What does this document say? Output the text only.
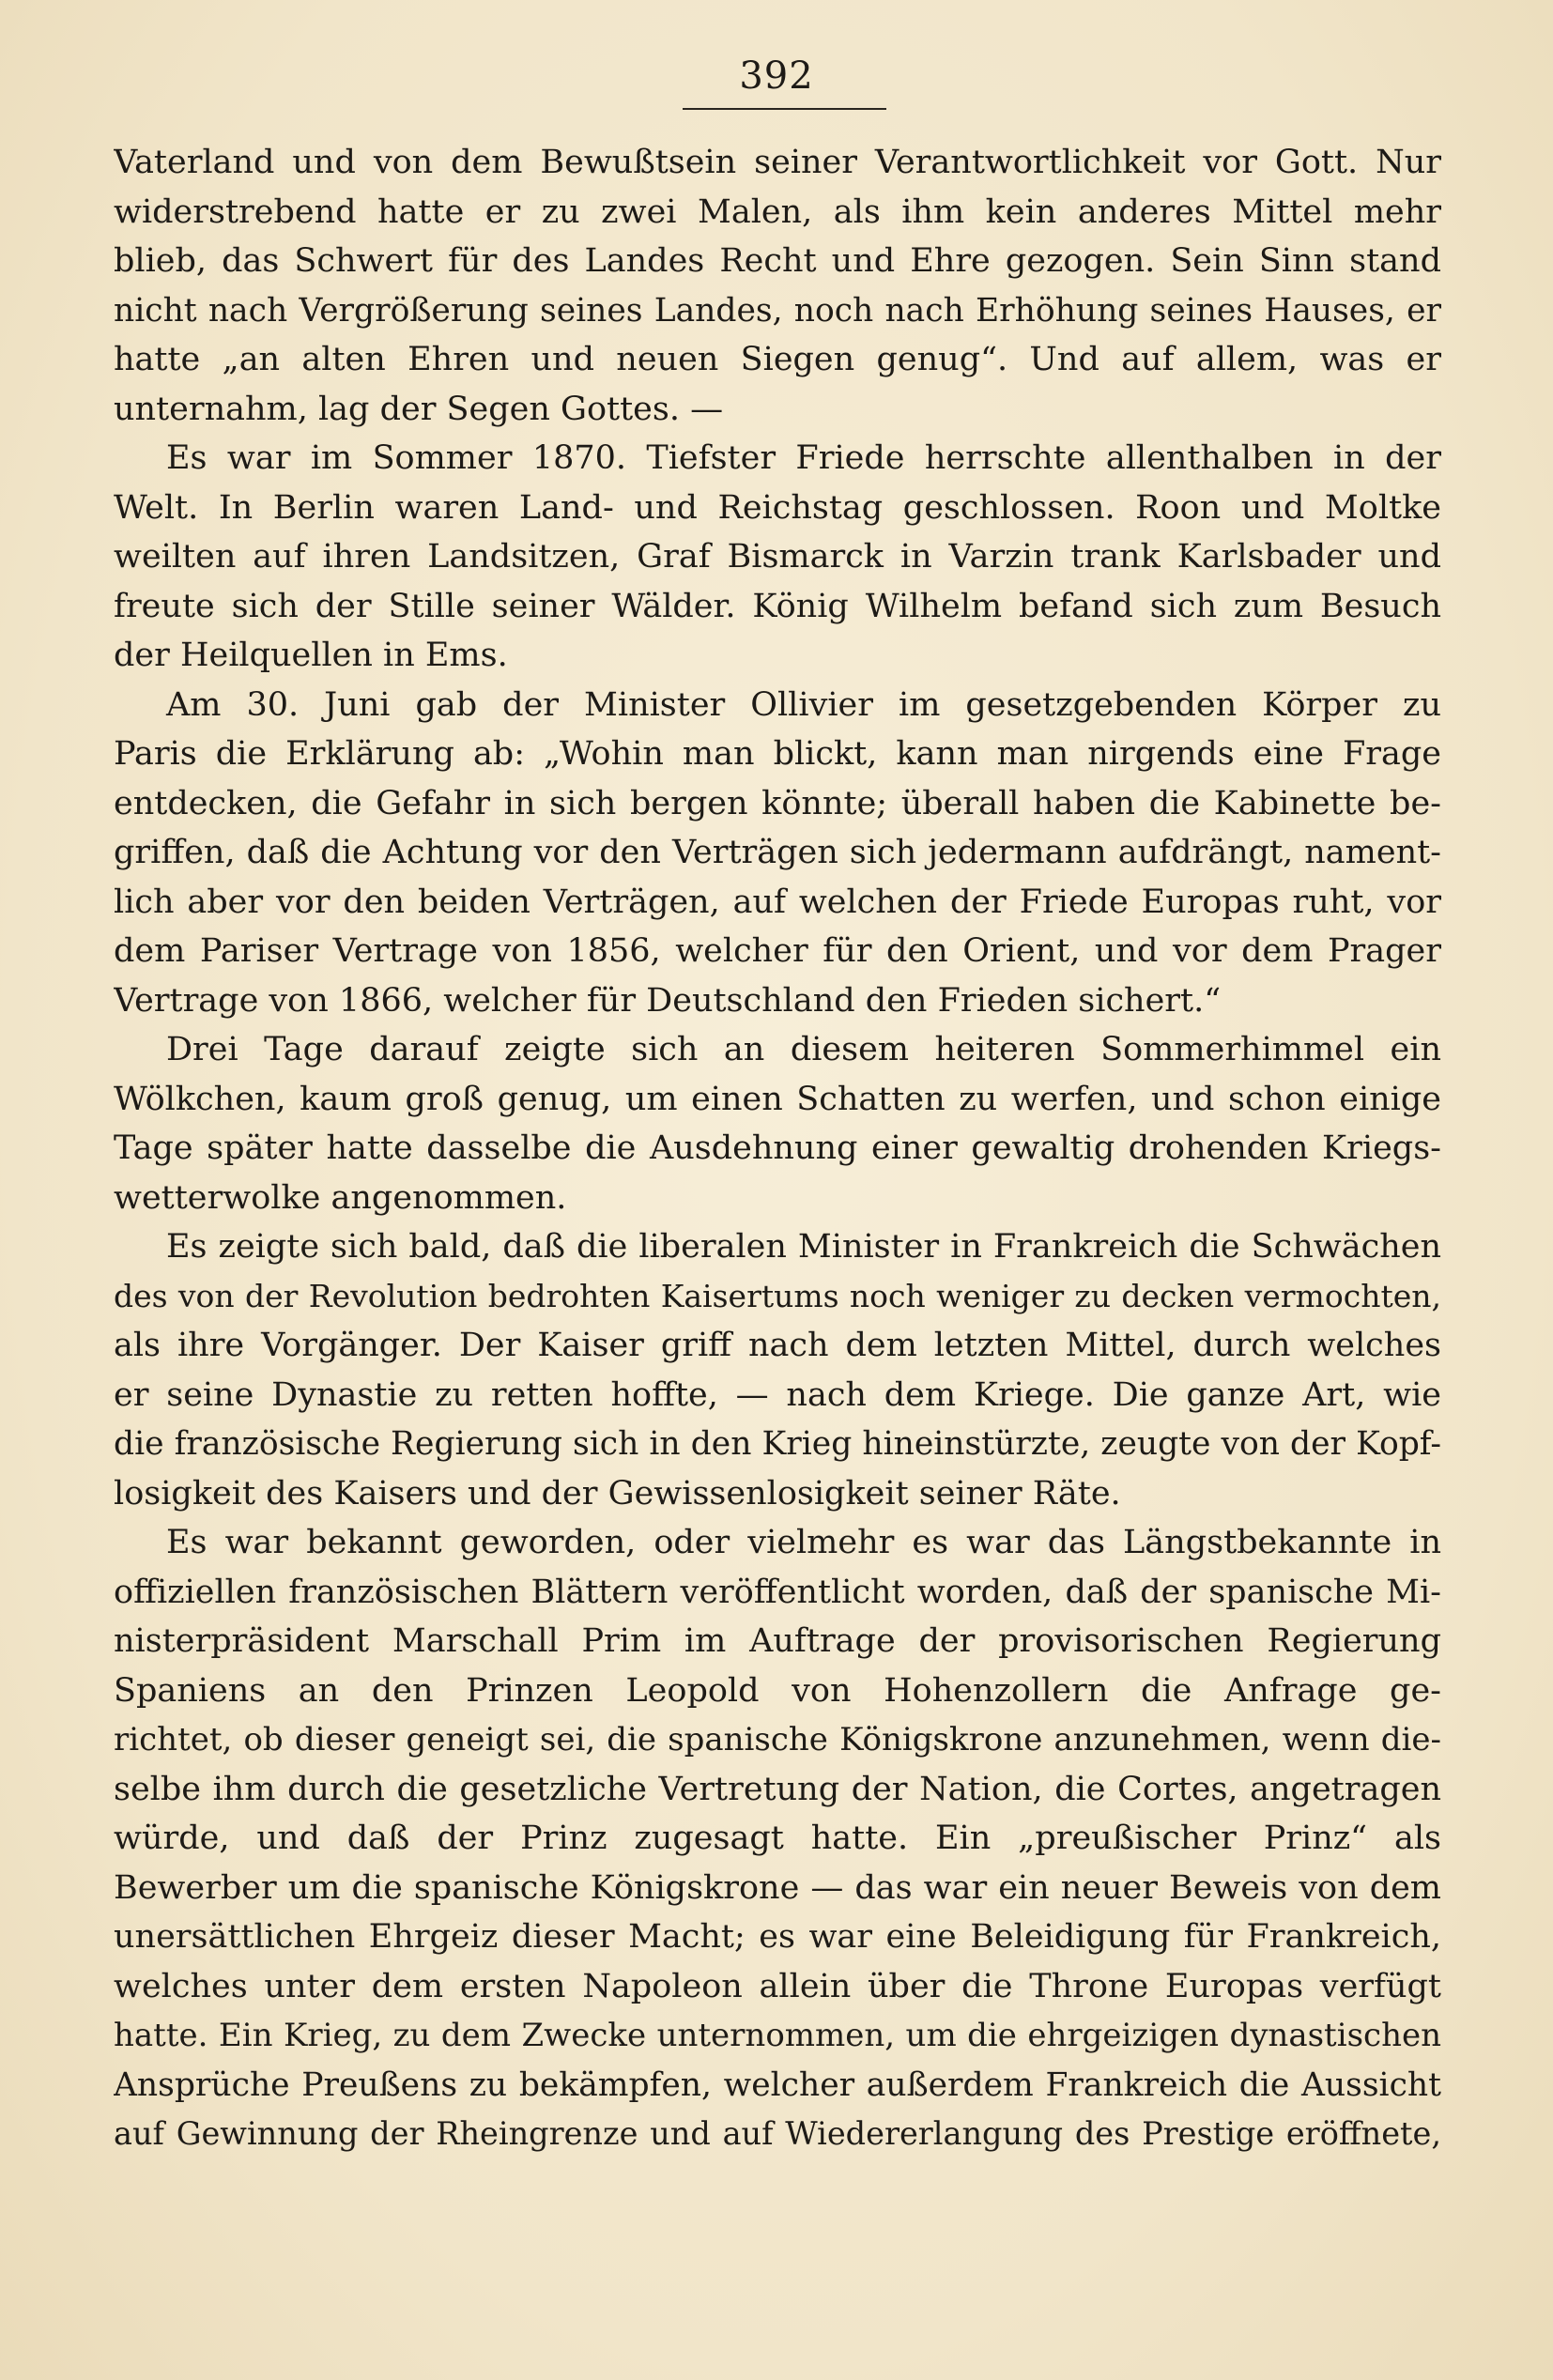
392
Vaterland und von dem Bewußtsein seiner Verantwortlichkeit vor Gott. Nur
widerstrebend hatte er zu zwei Malen, als ihm kein anderes Mittel mehr
blieb, das Schwert für des Landes Recht und Ehre gezogen. Sein Sinn stand
nicht nach Vergrößerung seines Landes, noch nach Erhöhung seines Hauses, er
hatte „an alten Ehren und neuen Siegen genug“. Und auf allem, was er
unternahm, lag der Segen Gottes. —
Es war im Sommer 1870. Tiefster Friede herrschte allenthalben in der
Welt. In Berlin waren Land- und Reichstag geschlossen. Roon und Moltke
weilten auf ihren Landsitzen, Graf Bismarck in Varzin trank Karlsbader und
freute sich der Stille seiner Wälder. König Wilhelm befand sich zum Besuch
der Heilquellen in Ems.
Am 30. Juni gab der Minister Ollivier im gesetzgebenden Körper zu
Paris die Erklärung ab: „Wohin man blickt, kann man nirgends eine Frage
entdecken, die Gefahr in sich bergen könnte; überall haben die Kabinette be-
griffen, daß die Achtung vor den Verträgen sich jedermann aufdrängt, nament-
lich aber vor den beiden Verträgen, auf welchen der Friede Europas ruht, vor
dem Pariser Vertrage von 1856, welcher für den Orient, und vor dem Prager
Vertrage von 1866, welcher für Deutschland den Frieden sichert.“
Drei Tage darauf zeigte sich an diesem heiteren Sommerhimmel ein
Wölkchen, kaum groß genug, um einen Schatten zu werfen, und schon einige
Tage später hatte dasselbe die Ausdehnung einer gewaltig drohenden Kriegs-
wetterwolke angenommen.
Es zeigte sich bald, daß die liberalen Minister in Frankreich die Schwächen
des von der Revolution bedrohten Kaisertums noch weniger zu decken vermochten,
als ihre Vorgänger. Der Kaiser griff nach dem letzten Mittel, durch welches
er seine Dynastie zu retten hoffte, — nach dem Kriege. Die ganze Art, wie
die französische Regierung sich in den Krieg hineinstürzte, zeugte von der Kopf-
losigkeit des Kaisers und der Gewissenlosigkeit seiner Räte.
Es war bekannt geworden, oder vielmehr es war das Längstbekannte in
offiziellen französischen Blättern veröffentlicht worden, daß der spanische Mi-
nisterpräsident Marschall Prim im Auftrage der provisorischen Regierung
Spaniens an den Prinzen Leopold von Hohenzollern die Anfrage ge-
richtet, ob dieser geneigt sei, die spanische Königskrone anzunehmen, wenn die-
selbe ihm durch die gesetzliche Vertretung der Nation, die Cortes, angetragen
würde, und daß der Prinz zugesagt hatte. Ein „preußischer Prinz“ als
Bewerber um die spanische Königskrone — das war ein neuer Beweis von dem
unersättlichen Ehrgeiz dieser Macht; es war eine Beleidigung für Frankreich,
welches unter dem ersten Napoleon allein über die Throne Europas verfügt
hatte. Ein Krieg, zu dem Zwecke unternommen, um die ehrgeizigen dynastischen
Ansprüche Preußens zu bekämpfen, welcher außerdem Frankreich die Aussicht
auf Gewinnung der Rheingrenze und auf Wiedererlangung des Prestige eröffnete,
